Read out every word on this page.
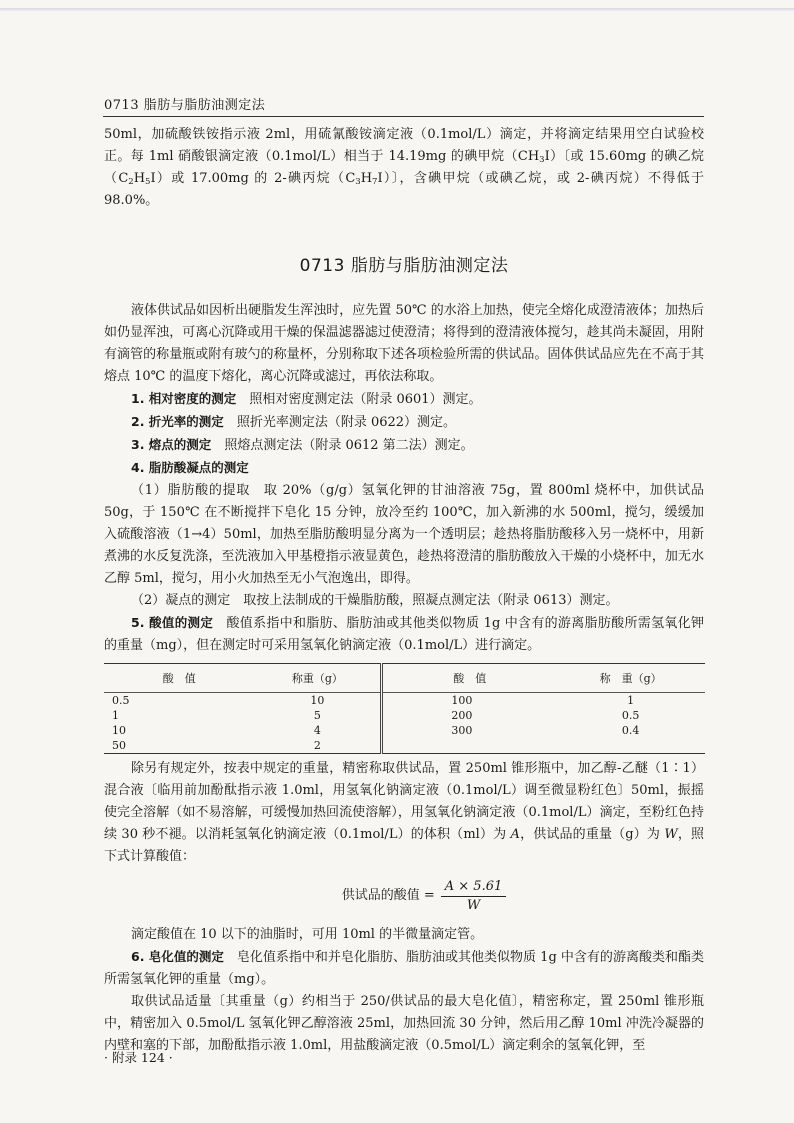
0713 脂肪与脂肪油测定法

50ml，加硫酸铁铵指示液 2ml，用硫氰酸铵滴定液（0.1mol/L）滴定，并将滴定结果用空白试验校正。每 1ml 硝酸银滴定液（0.1mol/L）相当于 14.19mg 的碘甲烷$(CH_3I)$〔或 15.60mg 的碘乙烷$(C_2H_5I)$或 17.00mg 的 2-碘丙烷$(C_3H_7I)$〕，含碘甲烷（或碘乙烷，或 2-碘丙烷）不得低于 98.0%。

0713 脂肪与脂肪油测定法

液体供试品如因析出硬脂发生浑浊时，应先置 50℃ 的水浴上加热，使完全熔化成澄清液体；加热后如仍显浑浊，可离心沉降或用干燥的保温滤器滤过使澄清；将得到的澄清液体搅匀，趁其尚未凝固，用附有滴管的称量瓶或附有玻勺的称量杯，分别称取下述各项检验所需的供试品。固体供试品应先在不高于其熔点 10℃ 的温度下熔化，离心沉降或滤过，再依法称取。

1. 相对密度的测定　 照相对密度测定法（附录 0601）测定。

2. 折光率的测定　 照折光率测定法（附录 0622）测定。

3. 熔点的测定　 照熔点测定法（附录 0612 第二法）测定。

4. 脂肪酸凝点的测定

（1）脂肪酸的提取　取 20%（g/g）氢氧化钾的甘油溶液 75g，置 800ml 烧杯中，加供试品 50g，于 150℃ 在不断搅拌下皂化 15 分钟，放冷至约 100℃，加入新沸的水 500ml，搅匀，缓缓加入硫酸溶液（1→4）50ml，加热至脂肪酸明显分离为一个透明层；趁热将脂肪酸移入另一烧杯中，用新煮沸的水反复洗涤，至洗液加入甲基橙指示液显黄色，趁热将澄清的脂肪酸放入干燥的小烧杯中，加无水乙醇 5ml，搅匀，用小火加热至无小气泡逸出，即得。

（2）凝点的测定　取按上法制成的干燥脂肪酸，照凝点测定法（附录 0613）测定。

5. 酸值的测定　 酸值系指中和脂肪、脂肪油或其他类似物质 1g 中含有的游离脂肪酸所需氢氧化钾的重量（mg），但在测定时可采用氢氧化钠滴定液（0.1mol/L）进行滴定。

酸　值	称重（g）	酸　值	称　重（g）
0.5	10	100	1
1	5	200	0.5
10	4	300	0.4
50	2		

除另有规定外，按表中规定的重量，精密称取供试品，置 250ml 锥形瓶中，加乙醇-乙醚（1∶1）混合液〔临用前加酚酞指示液 1.0ml，用氢氧化钠滴定液（0.1mol/L）调至微显粉红色〕50ml，振摇使完全溶解（如不易溶解，可缓慢加热回流使溶解），用氢氧化钠滴定液（0.1mol/L）滴定，至粉红色持续 30 秒不褪。以消耗氢氧化钠滴定液（0.1mol/L）的体积（ml）为 A，供试品的重量（g）为 W，照下式计算酸值：

供试品的酸值 = $\frac{A \times 5.61}{W}$

滴定酸值在 10 以下的油脂时，可用 10ml 的半微量滴定管。

6. 皂化值的测定　 皂化值系指中和并皂化脂肪、脂肪油或其他类似物质 1g 中含有的游离酸类和酯类所需氢氧化钾的重量（mg）。

取供试品适量〔其重量（g）约相当于 250/供试品的最大皂化值〕，精密称定，置 250ml 锥形瓶中，精密加入 0.5mol/L 氢氧化钾乙醇溶液 25ml，加热回流 30 分钟，然后用乙醇 10ml 冲洗冷凝器的内壁和塞的下部，加酚酞指示液 1.0ml，用盐酸滴定液（0.5mol/L）滴定剩余的氢氧化钾，至

· 附录 124 ·
